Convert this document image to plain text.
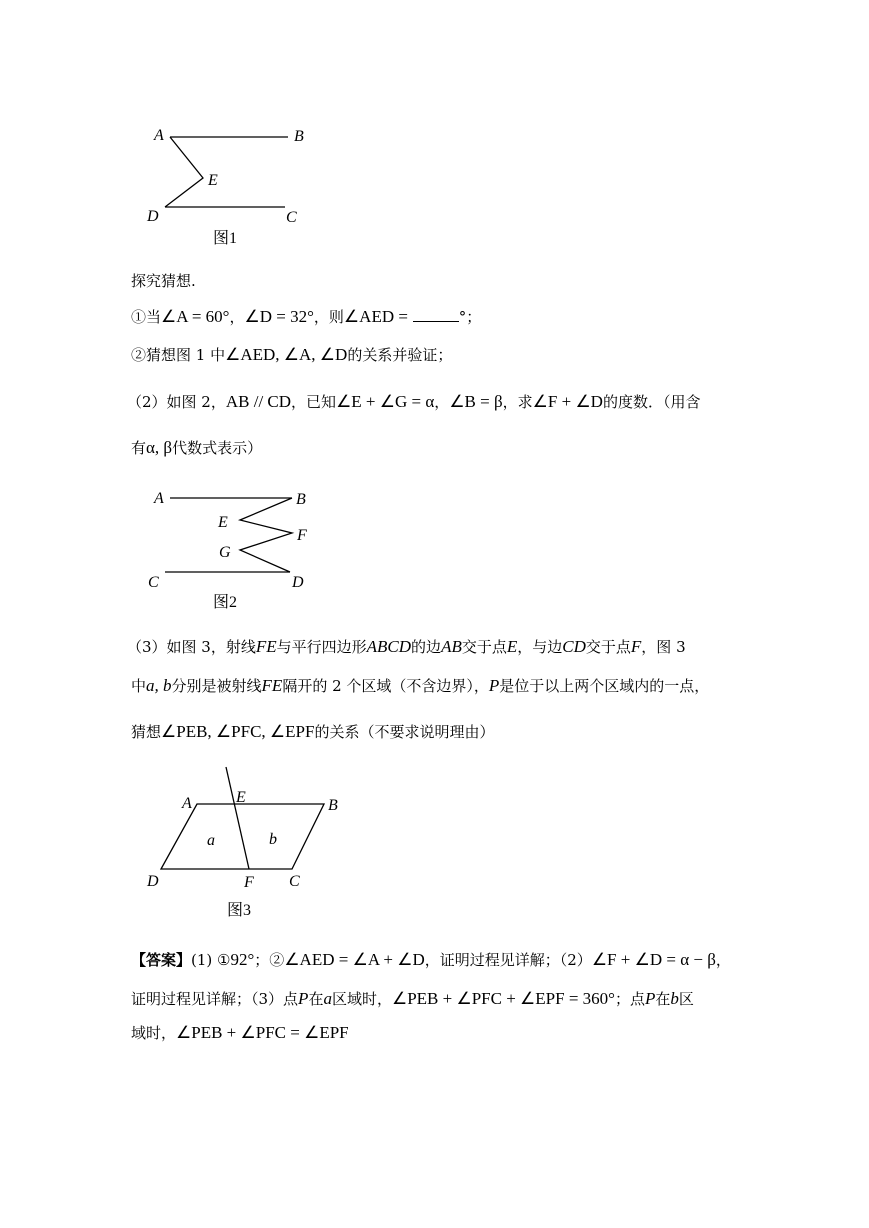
A	B
E
D	C
图1
探究猜想.
①当∠A = 60°，∠D = 32°，则∠AED =	°；
②猜想图 1 中∠AED, ∠A, ∠D的关系并验证；
（2）如图 2，AB // CD，已知∠E + ∠G = α，∠B = β，求∠F + ∠D的度数．（用含
有α, β代数式表示）
A	B
E
F
G
C	D
图2
（3）如图 3，射线FE与平行四边形ABCD的边AB交于点E，与边CD交于点F，图 3
中a, b分别是被射线FE隔开的 2 个区域（不含边界），P是位于以上两个区域内的一点，
猜想∠PEB, ∠PFC, ∠EPF的关系（不要求说明理由）
A	E	B
a	b
D	F C
图3
【答案】(1) ①92°；②∠AED = ∠A + ∠D，证明过程见详解；（2）∠F + ∠D = α − β，
证明过程见详解；（3）点P在a区域时，∠PEB + ∠PFC + ∠EPF = 360°；点P在b区
域时，∠PEB + ∠PFC = ∠EPF
